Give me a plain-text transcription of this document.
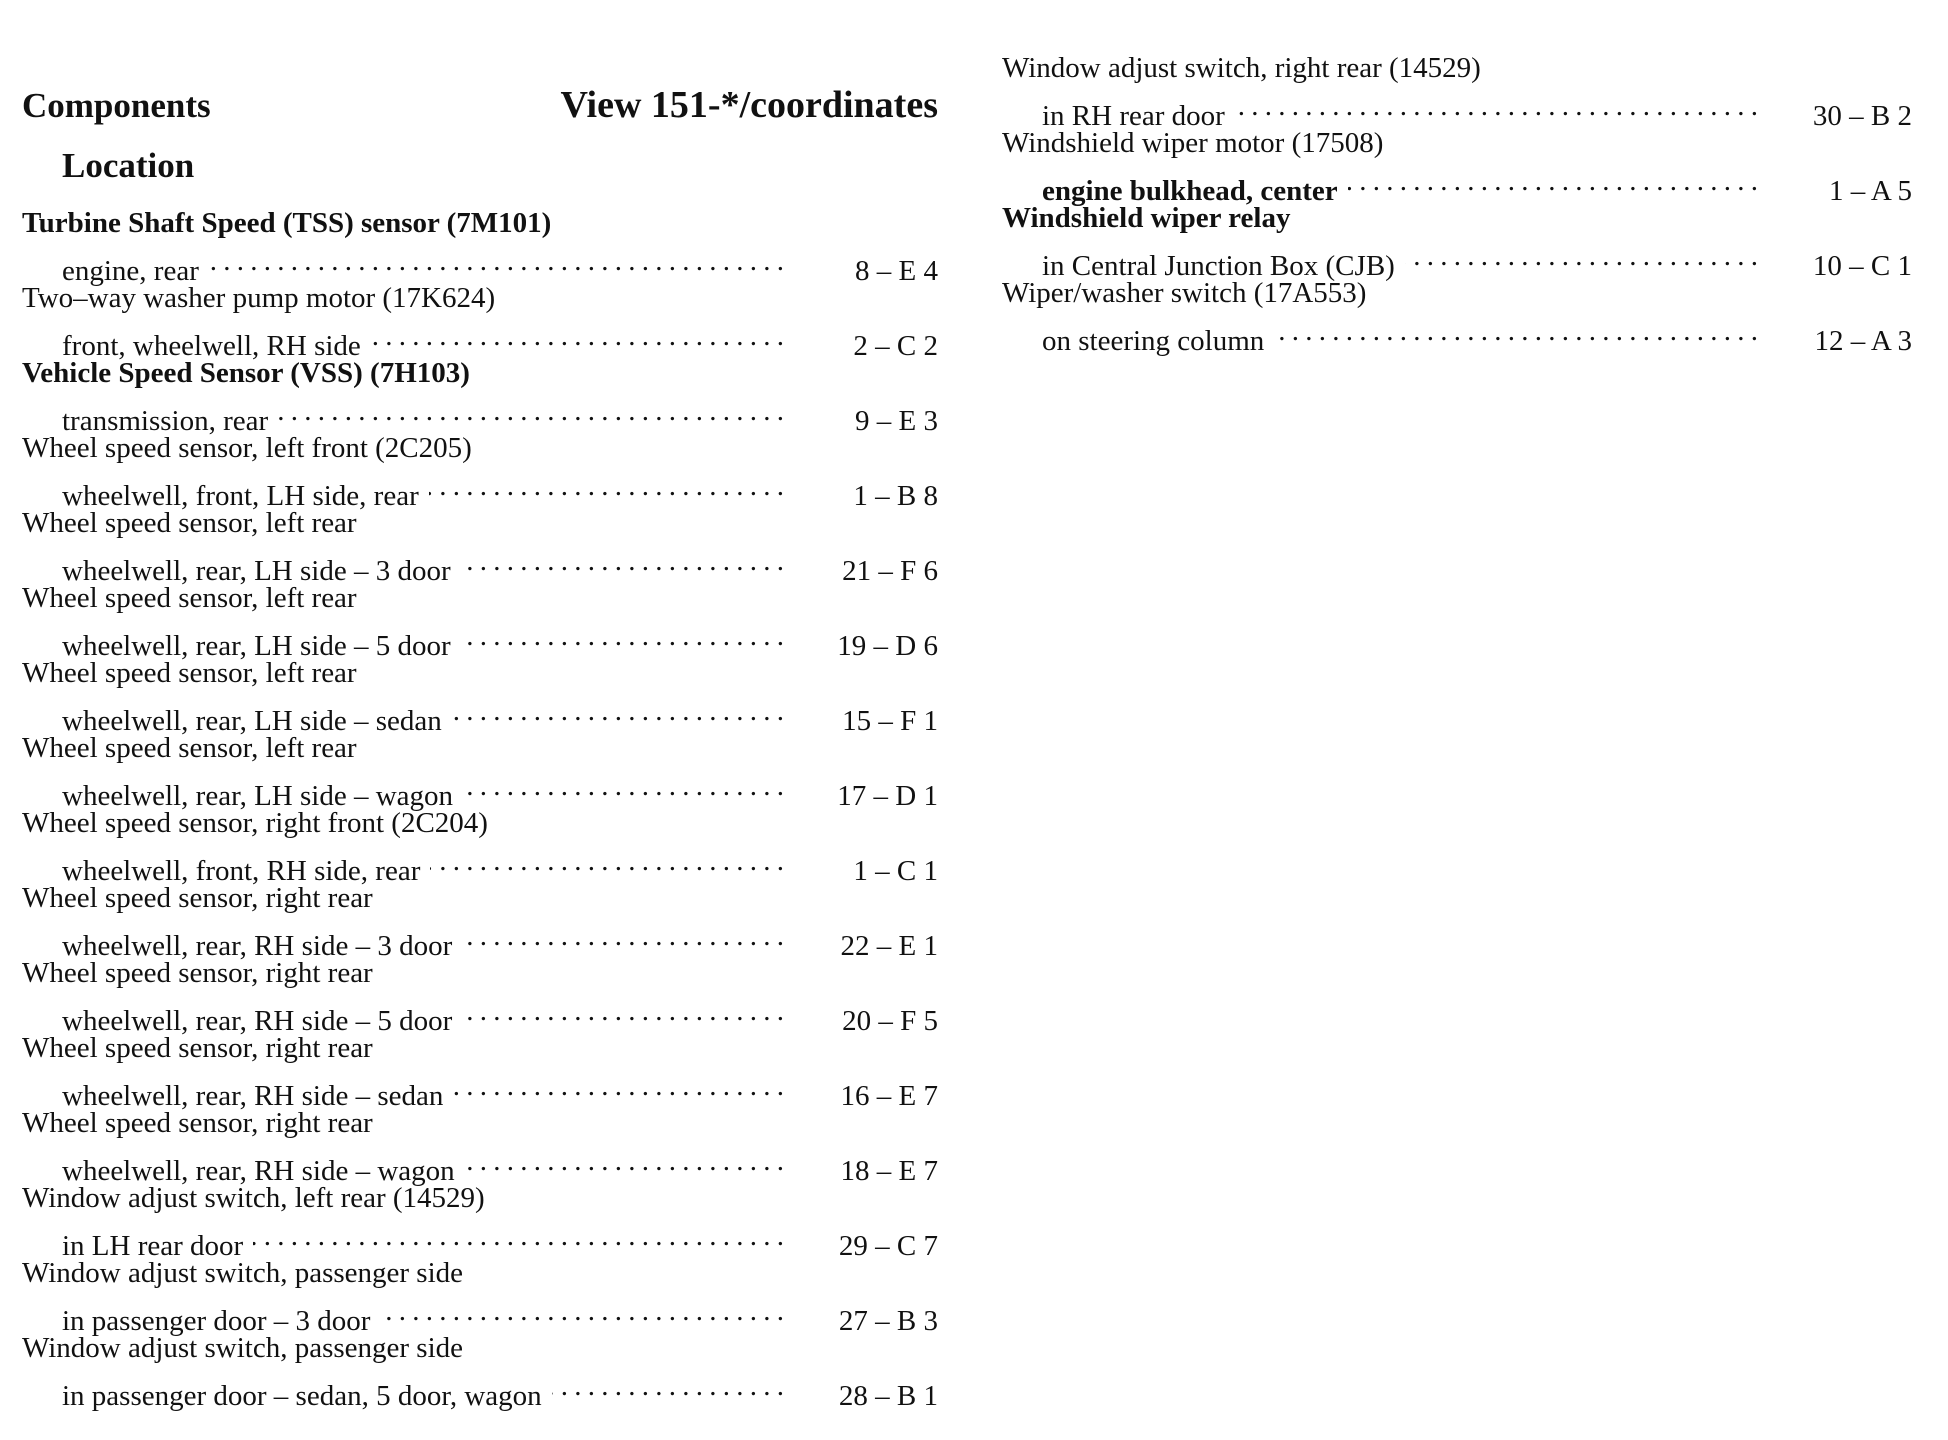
Components	View 151-*/coordinates
Location
Turbine Shaft Speed (TSS) sensor (7M101)
engine, rear . . .	8 – E 4
Two–way washer pump motor (17K624)
front, wheelwell, RH side . . .	2 – C 2
Vehicle Speed Sensor (VSS) (7H103)
transmission, rear . . .	9 – E 3
Wheel speed sensor, left front (2C205)
wheelwell, front, LH side, rear . . .	1 – B 8
Wheel speed sensor, left rear
wheelwell, rear, LH side – 3 door . . .	21 – F 6
Wheel speed sensor, left rear
wheelwell, rear, LH side – 5 door . . .	19 – D 6
Wheel speed sensor, left rear
wheelwell, rear, LH side – sedan . . .	15 – F 1
Wheel speed sensor, left rear
wheelwell, rear, LH side – wagon . . .	17 – D 1
Wheel speed sensor, right front (2C204)
wheelwell, front, RH side, rear . . .	1 – C 1
Wheel speed sensor, right rear
wheelwell, rear, RH side – 3 door . . .	22 – E 1
Wheel speed sensor, right rear
wheelwell, rear, RH side – 5 door . . .	20 – F 5
Wheel speed sensor, right rear
wheelwell, rear, RH side – sedan . . .	16 – E 7
Wheel speed sensor, right rear
wheelwell, rear, RH side – wagon . . .	18 – E 7
Window adjust switch, left rear (14529)
in LH rear door . . .	29 – C 7
Window adjust switch, passenger side
in passenger door – 3 door . . .	27 – B 3
Window adjust switch, passenger side
in passenger door – sedan, 5 door, wagon . . .	28 – B 1
Window adjust switch, right rear (14529)
in RH rear door . . .	30 – B 2
Windshield wiper motor (17508)
engine bulkhead, center . . .	1 – A 5
Windshield wiper relay
in Central Junction Box (CJB) . . .	10 – C 1
Wiper/washer switch (17A553)
on steering column . . .	12 – A 3
